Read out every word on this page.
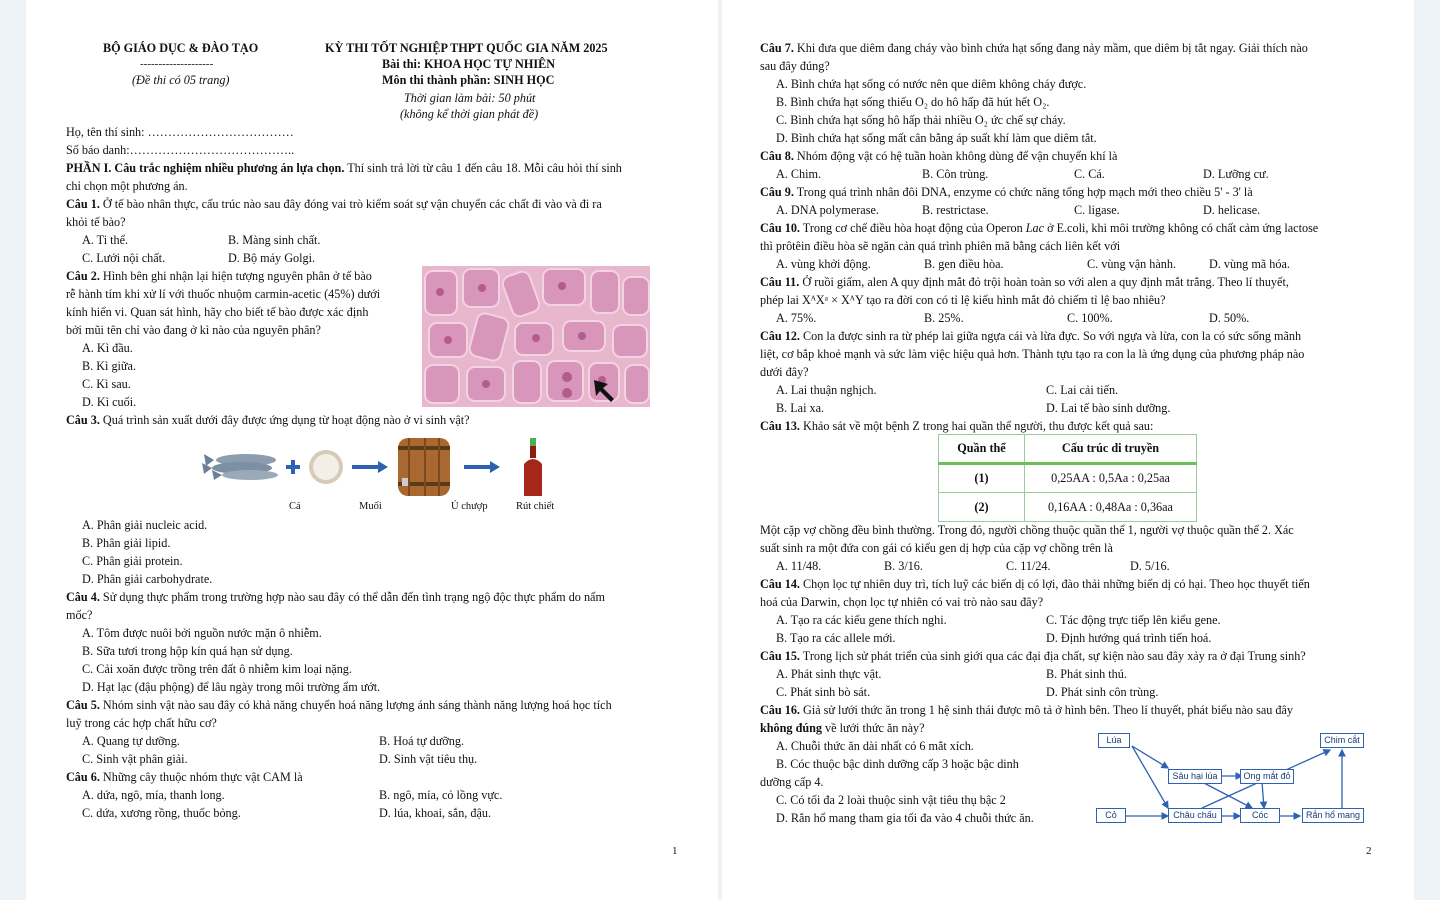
BỘ GIÁO DỤC & ĐÀO TẠO
--------------------
(Đề thi có 05 trang)
KỲ THI TỐT NGHIỆP THPT QUỐC GIA NĂM 2025
Bài thi: KHOA HỌC TỰ NHIÊN
Môn thi thành phần: SINH HỌC
Thời gian làm bài: 50 phút
(không kể thời gian phát đề)
Họ, tên thí sinh: ………………………………
Số báo danh:…………………………………..
PHẦN I. Câu trắc nghiệm nhiều phương án lựa chọn. Thí sinh trả lời từ câu 1 đến câu 18. Mỗi câu hỏi thí sinh
chỉ chọn một phương án.
Câu 1. Ở tế bào nhân thực, cấu trúc nào sau đây đóng vai trò kiểm soát sự vận chuyển các chất đi vào và đi ra
khỏi tế bào?
A. Ti thể.	B. Màng sinh chất.
C. Lưới nội chất.	D. Bộ máy Golgi.
Câu 2. Hình bên ghi nhận lại hiện tượng nguyên phân ở tế bào
rễ hành tím khi xử lí với thuốc nhuộm carmin-acetic (45%) dưới
kính hiển vi. Quan sát hình, hãy cho biết tế bào được xác định
bởi mũi tên chỉ vào đang ở kì nào của nguyên phân?
A. Kì đầu.
B. Kì giữa.
C. Kì sau.
D. Kì cuối.
Câu 3. Quá trình sản xuất dưới đây được ứng dụng từ hoạt động nào ở vi sinh vật?
Cá	Muối	Ủ chượp	Rút chiết
A. Phân giải nucleic acid.
B. Phân giải lipid.
C. Phân giải protein.
D. Phân giải carbohydrate.
Câu 4. Sử dụng thực phẩm trong trường hợp nào sau đây có thể dẫn đến tình trạng ngộ độc thực phẩm do nấm
mốc?
A. Tôm được nuôi bởi nguồn nước mặn ô nhiễm.
B. Sữa tươi trong hộp kín quá hạn sử dụng.
C. Cải xoăn được trồng trên đất ô nhiễm kim loại nặng.
D. Hạt lạc (đậu phộng) để lâu ngày trong môi trường ẩm ướt.
Câu 5. Nhóm sinh vật nào sau đây có khả năng chuyển hoá năng lượng ánh sáng thành năng lượng hoá học tích
luỹ trong các hợp chất hữu cơ?
A. Quang tự dưỡng.	B. Hoá tự dưỡng.
C. Sinh vật phân giải.	D. Sinh vật tiêu thụ.
Câu 6. Những cây thuộc nhóm thực vật CAM là
A. dứa, ngô, mía, thanh long.	B. ngô, mía, cỏ lồng vực.
C. dứa, xương rồng, thuốc bỏng.	D. lúa, khoai, sắn, đậu.
1
Câu 7. Khi đưa que diêm đang cháy vào bình chứa hạt sống đang nảy mầm, que diêm bị tắt ngay. Giải thích nào
sau đây đúng?
A. Bình chứa hạt sống có nước nên que diêm không cháy được.
B. Bình chứa hạt sống thiếu O₂ do hô hấp đã hút hết O₂.
C. Bình chứa hạt sống hô hấp thải nhiều O₂ ức chế sự cháy.
D. Bình chứa hạt sống mất cân bằng áp suất khí làm que diêm tắt.
Câu 8. Nhóm động vật có hệ tuần hoàn không dùng để vận chuyển khí là
A. Chim.	B. Côn trùng.	C. Cá.	D. Lưỡng cư.
Câu 9. Trong quá trình nhân đôi DNA, enzyme có chức năng tổng hợp mạch mới theo chiều 5' - 3' là
A. DNA polymerase.	B. restrictase.	C. ligase.	D. helicase.
Câu 10. Trong cơ chế điều hòa hoạt động của Operon Lac ở E.coli, khi môi trường không có chất cảm ứng lactose
thì prôtêin điều hòa sẽ ngăn cản quá trình phiên mã bằng cách liên kết với
A. vùng khởi động.	B. gen điều hòa.	C. vùng vận hành.	D. vùng mã hóa.
Câu 11. Ở ruồi giấm, alen A quy định mắt đỏ trội hoàn toàn so với alen a quy định mắt trắng. Theo lí thuyết,
phép lai XᴬXᵃ × XᴬY tạo ra đời con có tỉ lệ kiểu hình mắt đỏ chiếm tỉ lệ bao nhiêu?
A. 75%.	B. 25%.	C. 100%.	D. 50%.
Câu 12. Con la được sinh ra từ phép lai giữa ngựa cái và lừa đực. So với ngựa và lừa, con la có sức sống mãnh
liệt, cơ bắp khoẻ mạnh và sức làm việc hiệu quả hơn. Thành tựu tạo ra con la là ứng dụng của phương pháp nào
dưới đây?
A. Lai thuận nghịch.	C. Lai cải tiến.
B. Lai xa.	D. Lai tế bào sinh dưỡng.
Câu 13. Khảo sát về một bệnh Z trong hai quần thể người, thu được kết quả sau:
Quần thể	Cấu trúc di truyền
(1)	0,25AA : 0,5Aa : 0,25aa
(2)	0,16AA : 0,48Aa : 0,36aa
Một cặp vợ chồng đều bình thường. Trong đó, người chồng thuộc quần thể 1, người vợ thuộc quần thể 2. Xác
suất sinh ra một đứa con gái có kiểu gen dị hợp của cặp vợ chồng trên là
A. 11/48.	B. 3/16.	C. 11/24.	D. 5/16.
Câu 14. Chọn lọc tự nhiên duy trì, tích luỹ các biến dị có lợi, đào thải những biến dị có hại. Theo học thuyết tiến
hoá của Darwin, chọn lọc tự nhiên có vai trò nào sau đây?
A. Tạo ra các kiểu gene thích nghi.	C. Tác động trực tiếp lên kiểu gene.
B. Tạo ra các allele mới.	D. Định hướng quá trình tiến hoá.
Câu 15. Trong lịch sử phát triển của sinh giới qua các đại địa chất, sự kiện nào sau đây xảy ra ở đại Trung sinh?
A. Phát sinh thực vật.	B. Phát sinh thú.
C. Phát sinh bò sát.	D. Phát sinh côn trùng.
Câu 16. Giả sử lưới thức ăn trong 1 hệ sinh thái được mô tả ở hình bên. Theo lí thuyết, phát biểu nào sau đây
không đúng về lưới thức ăn này?
A. Chuỗi thức ăn dài nhất có 6 mắt xích.
B. Cóc thuộc bậc dinh dưỡng cấp 3 hoặc bậc dinh
dưỡng cấp 4.
C. Có tối đa 2 loài thuộc sinh vật tiêu thụ bậc 2
D. Rắn hổ mang tham gia tối đa vào 4 chuỗi thức ăn.
Lúa	Chim cắt
Sâu hại lúa	Ong mắt đỏ
Cỏ	Châu chấu	Cóc	Rắn hổ mang
2
